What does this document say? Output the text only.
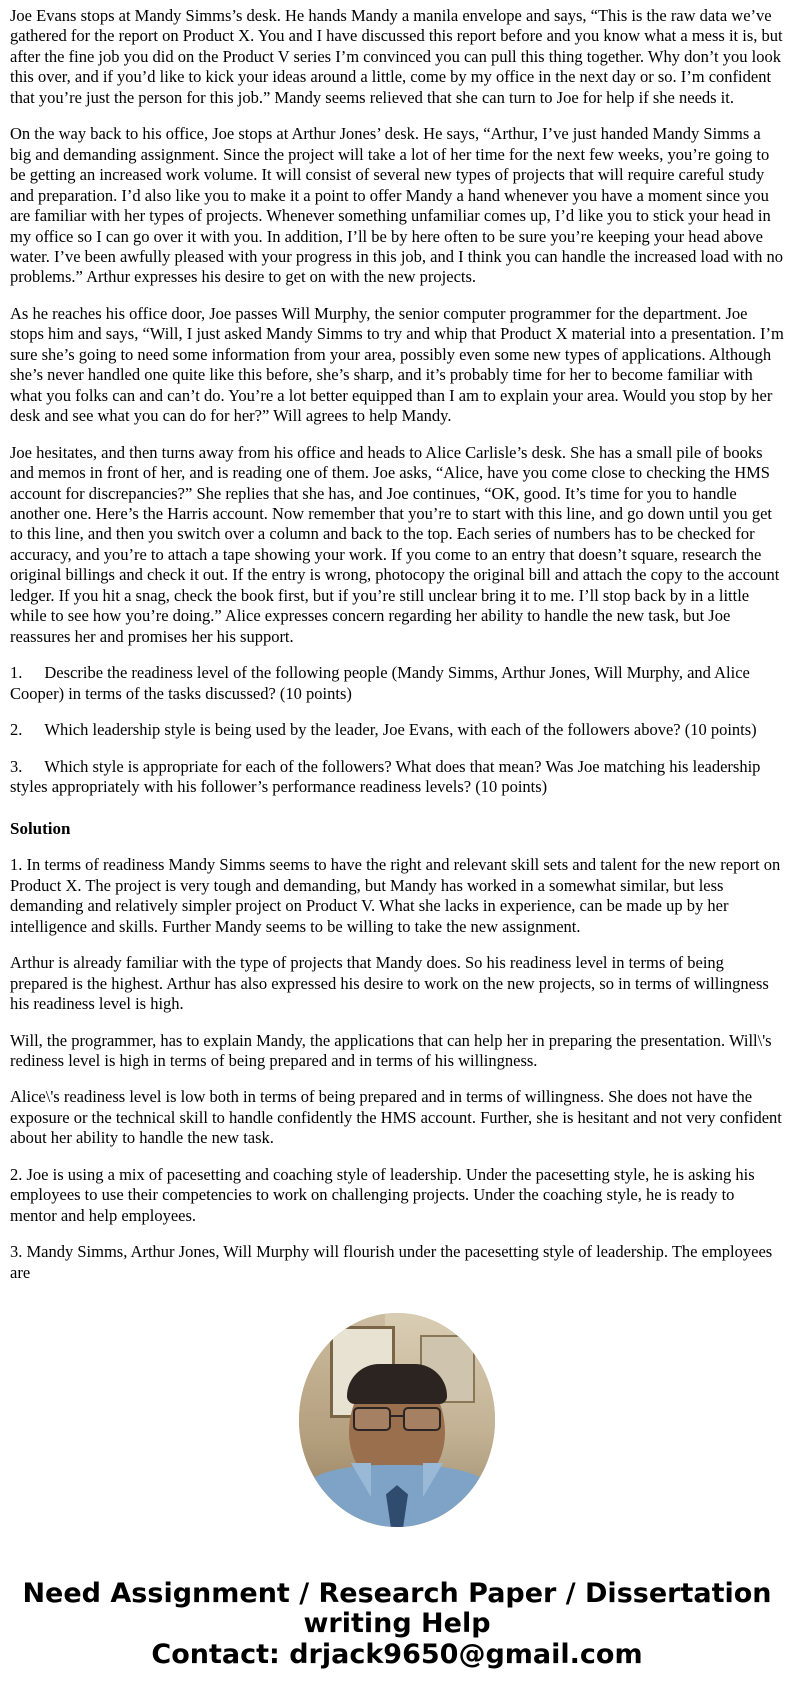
Joe Evans stops at Mandy Simms’s desk. He hands Mandy a manila envelope and says, “This is the raw data we’ve gathered for the report on Product X. You and I have discussed this report before and you know what a mess it is, but after the fine job you did on the Product V series I’m convinced you can pull this thing together. Why don’t you look this over, and if you’d like to kick your ideas around a little, come by my office in the next day or so. I’m confident that you’re just the person for this job.” Mandy seems relieved that she can turn to Joe for help if she needs it.

On the way back to his office, Joe stops at Arthur Jones’ desk. He says, “Arthur, I’ve just handed Mandy Simms a big and demanding assignment. Since the project will take a lot of her time for the next few weeks, you’re going to be getting an increased work volume. It will consist of several new types of projects that will require careful study and preparation. I’d also like you to make it a point to offer Mandy a hand whenever you have a moment since you are familiar with her types of projects. Whenever something unfamiliar comes up, I’d like you to stick your head in my office so I can go over it with you. In addition, I’ll be by here often to be sure you’re keeping your head above water. I’ve been awfully pleased with your progress in this job, and I think you can handle the increased load with no problems.” Arthur expresses his desire to get on with the new projects.

As he reaches his office door, Joe passes Will Murphy, the senior computer programmer for the department. Joe stops him and says, “Will, I just asked Mandy Simms to try and whip that Product X material into a presentation. I’m sure she’s going to need some information from your area, possibly even some new types of applications. Although she’s never handled one quite like this before, she’s sharp, and it’s probably time for her to become familiar with what you folks can and can’t do. You’re a lot better equipped than I am to explain your area. Would you stop by her desk and see what you can do for her?” Will agrees to help Mandy.

Joe hesitates, and then turns away from his office and heads to Alice Carlisle’s desk. She has a small pile of books and memos in front of her, and is reading one of them. Joe asks, “Alice, have you come close to checking the HMS account for discrepancies?” She replies that she has, and Joe continues, “OK, good. It’s time for you to handle another one. Here’s the Harris account. Now remember that you’re to start with this line, and go down until you get to this line, and then you switch over a column and back to the top. Each series of numbers has to be checked for accuracy, and you’re to attach a tape showing your work. If you come to an entry that doesn’t square, research the original billings and check it out. If the entry is wrong, photocopy the original bill and attach the copy to the account ledger. If you hit a snag, check the book first, but if you’re still unclear bring it to me. I’ll stop back by in a little while to see how you’re doing.” Alice expresses concern regarding her ability to handle the new task, but Joe reassures her and promises her his support.

1. Describe the readiness level of the following people (Mandy Simms, Arthur Jones, Will Murphy, and Alice Cooper) in terms of the tasks discussed? (10 points)

2. Which leadership style is being used by the leader, Joe Evans, with each of the followers above? (10 points)

3. Which style is appropriate for each of the followers? What does that mean? Was Joe matching his leadership styles appropriately with his follower’s performance readiness levels? (10 points)

Solution

1. In terms of readiness Mandy Simms seems to have the right and relevant skill sets and talent for the new report on Product X. The project is very tough and demanding, but Mandy has worked in a somewhat similar, but less demanding and relatively simpler project on Product V. What she lacks in experience, can be made up by her intelligence and skills. Further Mandy seems to be willing to take the new assignment.

Arthur is already familiar with the type of projects that Mandy does. So his readiness level in terms of being prepared is the highest. Arthur has also expressed his desire to work on the new projects, so in terms of willingness his readiness level is high.

Will, the programmer, has to explain Mandy, the applications that can help her in preparing the presentation. Will\'s rediness level is high in terms of being prepared and in terms of his willingness.

Alice\'s readiness level is low both in terms of being prepared and in terms of willingness. She does not have the exposure or the technical skill to handle confidently the HMS account. Further, she is hesitant and not very confident about her ability to handle the new task.

2. Joe is using a mix of pacesetting and coaching style of leadership. Under the pacesetting style, he is asking his employees to use their competencies to work on challenging projects. Under the coaching style, he is ready to mentor and help employees.

3. Mandy Simms, Arthur Jones, Will Murphy will flourish under the pacesetting style of leadership. The employees are

Need Assignment / Research Paper / Dissertation writing Help
Contact: drjack9650@gmail.com
